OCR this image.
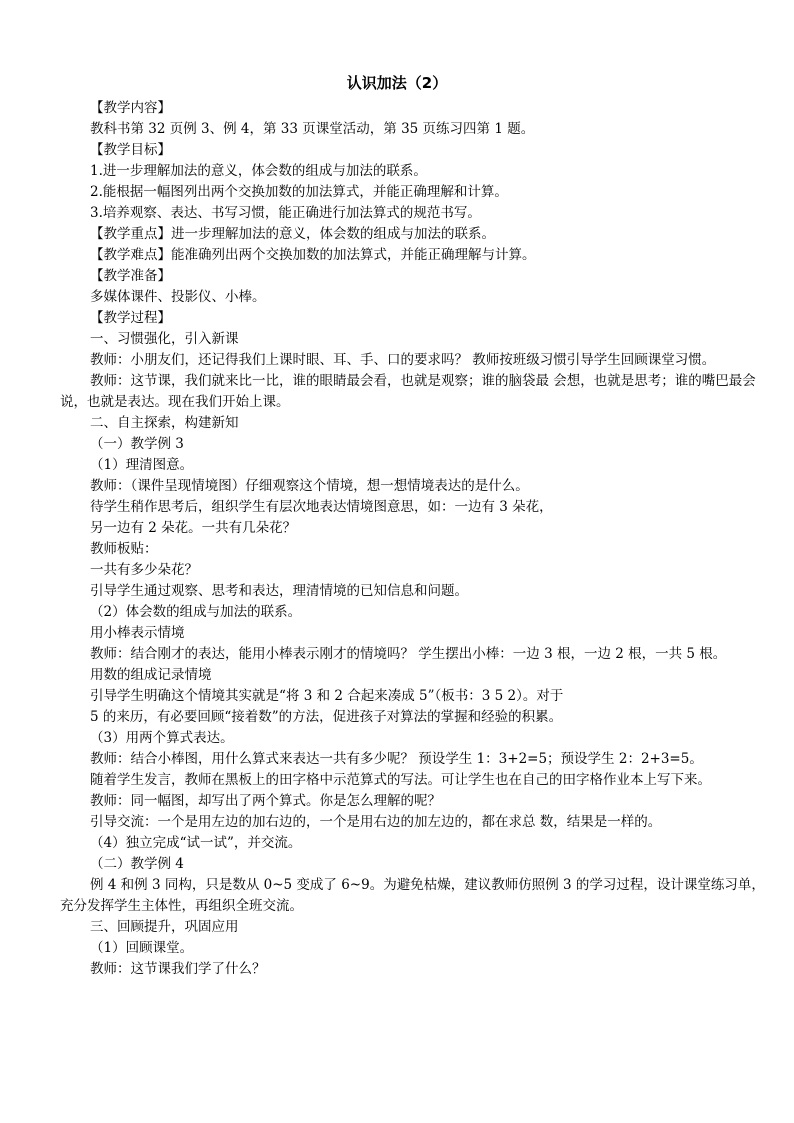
认识加法（2）

【教学内容】

教科书第 32 页例 3、例 4，第 33 页课堂活动，第 35 页练习四第 1 题。

【教学目标】

1.进一步理解加法的意义，体会数的组成与加法的联系。

2.能根据一幅图列出两个交换加数的加法算式，并能正确理解和计算。

3.培养观察、表达、书写习惯，能正确进行加法算式的规范书写。

【教学重点】进一步理解加法的意义，体会数的组成与加法的联系。

【教学难点】能准确列出两个交换加数的加法算式，并能正确理解与计算。

【教学准备】

多媒体课件、投影仪、小棒。

【教学过程】

一、习惯强化，引入新课

教师：小朋友们，还记得我们上课时眼、耳、手、口的要求吗？ 教师按班级习惯引导学生回顾课堂习惯。

教师：这节课，我们就来比一比，谁的眼睛最会看，也就是观察；谁的脑袋最 会想，也就是思考；谁的嘴巴最会说，也就是表达。现在我们开始上课。

二、自主探索，构建新知

（一）教学例 3

（1）理清图意。

教师：（课件呈现情境图）仔细观察这个情境，想一想情境表达的是什么。

待学生稍作思考后，组织学生有层次地表达情境图意思，如：一边有 3 朵花，

另一边有 2 朵花。一共有几朵花？

教师板贴：

一共有多少朵花？

引导学生通过观察、思考和表达，理清情境的已知信息和问题。

（2）体会数的组成与加法的联系。

用小棒表示情境

教师：结合刚才的表达，能用小棒表示刚才的情境吗？ 学生摆出小棒：一边 3 根，一边 2 根，一共 5 根。

用数的组成记录情境

引导学生明确这个情境其实就是“将 3 和 2 合起来凑成 5”（板书：3 5 2）。对于

5 的来历，有必要回顾“接着数”的方法，促进孩子对算法的掌握和经验的积累。

（3）用两个算式表达。

教师：结合小棒图，用什么算式来表达一共有多少呢？ 预设学生 1：3+2=5；预设学生 2：2+3=5。

随着学生发言，教师在黑板上的田字格中示范算式的写法。可让学生也在自己的田字格作业本上写下来。

教师：同一幅图，却写出了两个算式。你是怎么理解的呢？

引导交流：一个是用左边的加右边的，一个是用右边的加左边的，都在求总 数，结果是一样的。

（4）独立完成“试一试”，并交流。

（二）教学例 4

例 4 和例 3 同构，只是数从 0~5 变成了 6~9。为避免枯燥，建议教师仿照例 3 的学习过程，设计课堂练习单，充分发挥学生主体性，再组织全班交流。

三、回顾提升，巩固应用

（1）回顾课堂。

教师：这节课我们学了什么？
